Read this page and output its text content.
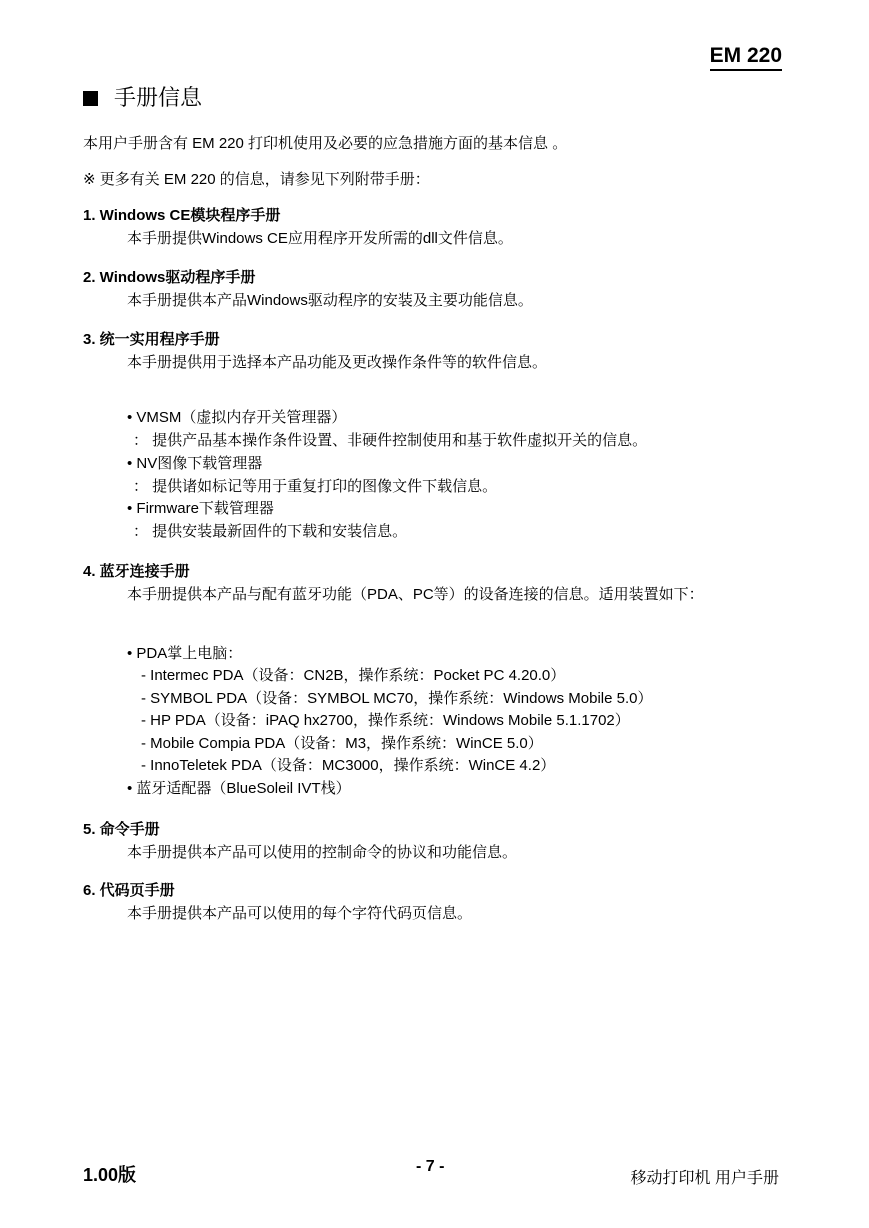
EM 220
手册信息
本用户手册含有 EM 220 打印机使用及必要的应急措施方面的基本信息 。
※ 更多有关 EM 220 的信息，请参见下列附带手册：
1. Windows CE模块程序手册
本手册提供Windows CE应用程序开发所需的dll文件信息。
2. Windows驱动程序手册
本手册提供本产品Windows驱动程序的安装及主要功能信息。
3. 统一实用程序手册
本手册提供用于选择本产品功能及更改操作条件等的软件信息。
• VMSM（虚拟内存开关管理器）
： 提供产品基本操作条件设置、非硬件控制使用和基于软件虚拟开关的信息。
• NV图像下载管理器
： 提供诸如标记等用于重复打印的图像文件下载信息。
• Firmware下载管理器
： 提供安装最新固件的下载和安装信息。
4. 蓝牙连接手册
本手册提供本产品与配有蓝牙功能（PDA、PC等）的设备连接的信息。适用装置如下：
• PDA掌上电脑：
- Intermec PDA（设备：CN2B，操作系统：Pocket PC 4.20.0）
- SYMBOL PDA（设备：SYMBOL MC70，操作系统：Windows Mobile 5.0）
- HP PDA（设备：iPAQ hx2700，操作系统：Windows Mobile 5.1.1702）
- Mobile Compia PDA（设备：M3，操作系统：WinCE 5.0）
- InnoTeletek PDA（设备：MC3000，操作系统：WinCE 4.2）
• 蓝牙适配器（BlueSoleil IVT栈）
5. 命令手册
本手册提供本产品可以使用的控制命令的协议和功能信息。
6. 代码页手册
本手册提供本产品可以使用的每个字符代码页信息。
1.00版	- 7 -
移动打印机 用户手册
